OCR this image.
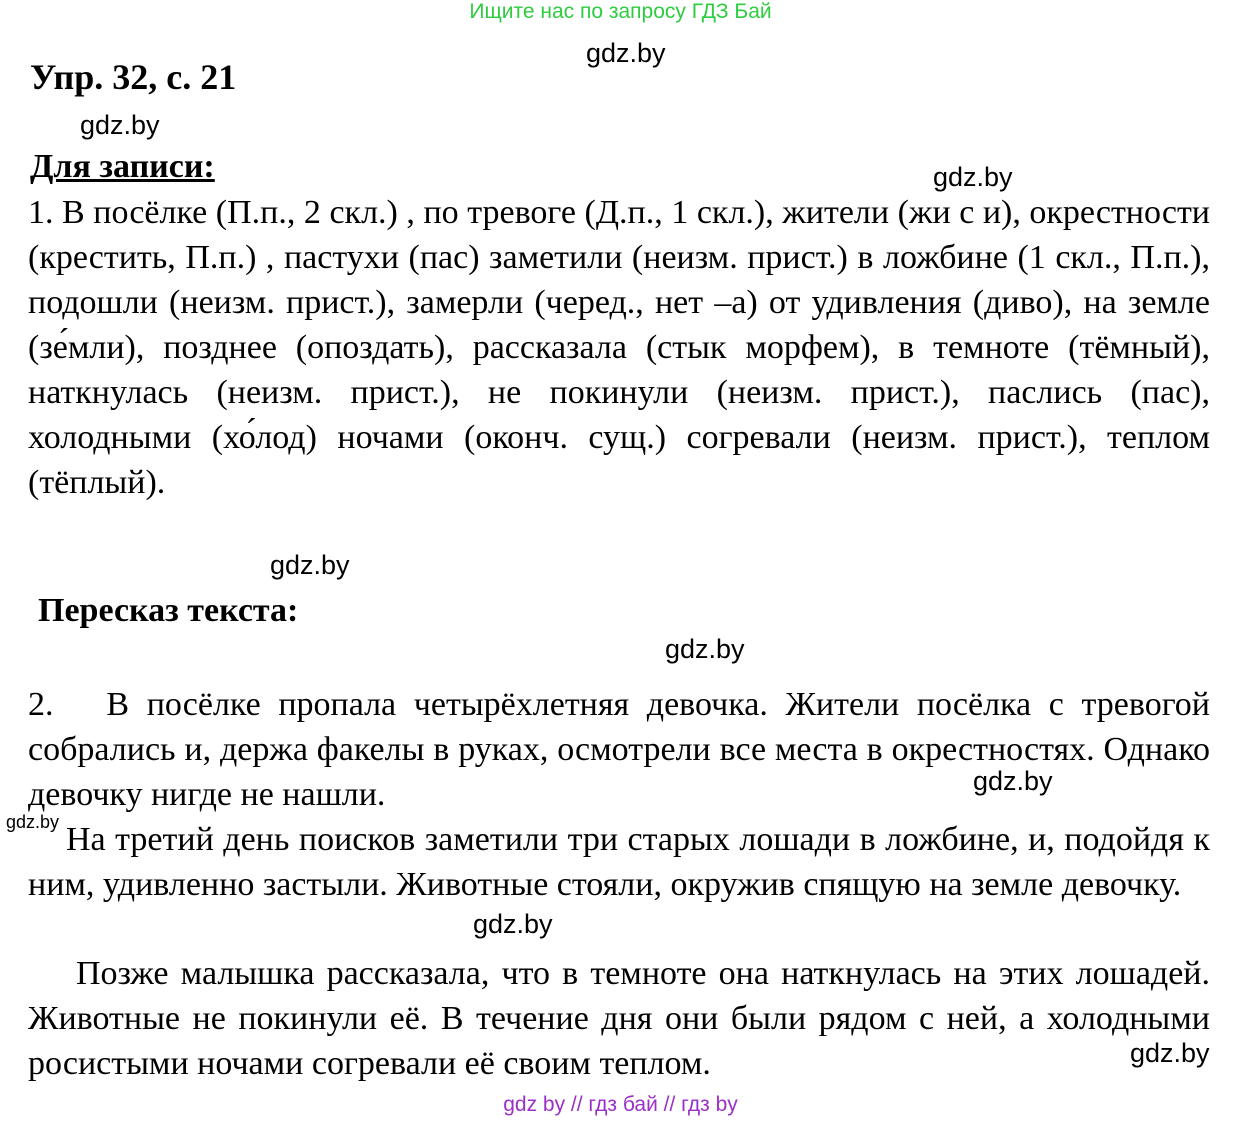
Ищите нас по запросу ГДЗ Бай
gdz.by
Упр. 32, с. 21
gdz.by
Для записи:	gdz.by
1. В посёлке (П.п., 2 скл.) , по тревоге (Д.п., 1 скл.), жители (жи с и), окрестности (крестить, П.п.) , пастухи (пас) заметили (неизм. прист.) в ложбине (1 скл., П.п.), подошли (неизм. прист.), замерли (черед., нет –а) от удивления (диво), на земле (зе́мли), позднее (опоздать), рассказала (стык морфем), в темноте (тёмный), наткнулась (неизм. прист.), не покинули (неизм. прист.), паслись (пас), холодными (хо́лод) ночами (оконч. сущ.) согревали (неизм. прист.), теплом (тёплый).
gdz.by
Пересказ текста:
gdz.by
2.   В посёлке пропала четырёхлетняя девочка. Жители посёлка с тревогой собрались и, держа факелы в руках, осмотрели все места в окрестностях. Однако девочку нигде не нашли.	gdz.by
gdz.by На третий день поисков заметили три старых лошади в ложбине, и, подойдя к ним, удивленно застыли. Животные стояли, окружив спящую на земле девочку.
gdz.by
Позже малышка рассказала, что в темноте она наткнулась на этих лошадей. Животные не покинули её. В течение дня они были рядом с ней, а холодными росистыми ночами согревали её своим теплом.	gdz.by
gdz by // гдз бай // гдз by
